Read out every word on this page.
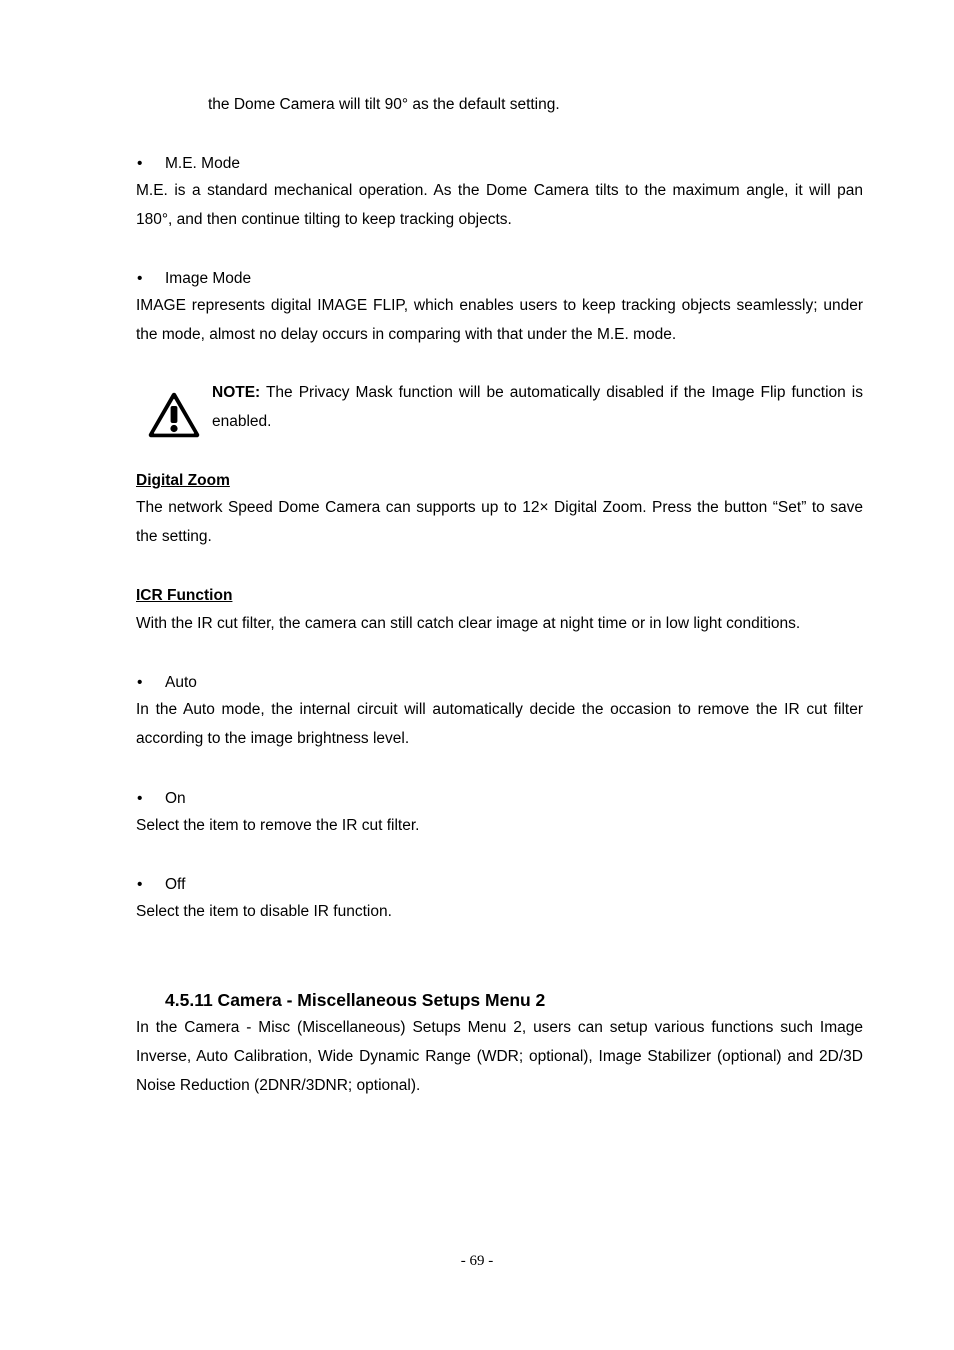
the Dome Camera will tilt 90° as the default setting.
• M.E. Mode
M.E. is a standard mechanical operation. As the Dome Camera tilts to the maximum angle, it will pan 180°, and then continue tilting to keep tracking objects.
• Image Mode
IMAGE represents digital IMAGE FLIP, which enables users to keep tracking objects seamlessly; under the mode, almost no delay occurs in comparing with that under the M.E. mode.
NOTE: The Privacy Mask function will be automatically disabled if the Image Flip function is enabled.
Digital Zoom
The network Speed Dome Camera can supports up to 12× Digital Zoom. Press the button “Set” to save the setting.
ICR Function
With the IR cut filter, the camera can still catch clear image at night time or in low light conditions.
• Auto
In the Auto mode, the internal circuit will automatically decide the occasion to remove the IR cut filter according to the image brightness level.
• On
Select the item to remove the IR cut filter.
• Off
Select the item to disable IR function.
4.5.11 Camera - Miscellaneous Setups Menu 2
In the Camera - Misc (Miscellaneous) Setups Menu 2, users can setup various functions such Image Inverse, Auto Calibration, Wide Dynamic Range (WDR; optional), Image Stabilizer (optional) and 2D/3D Noise Reduction (2DNR/3DNR; optional).
- 69 -
